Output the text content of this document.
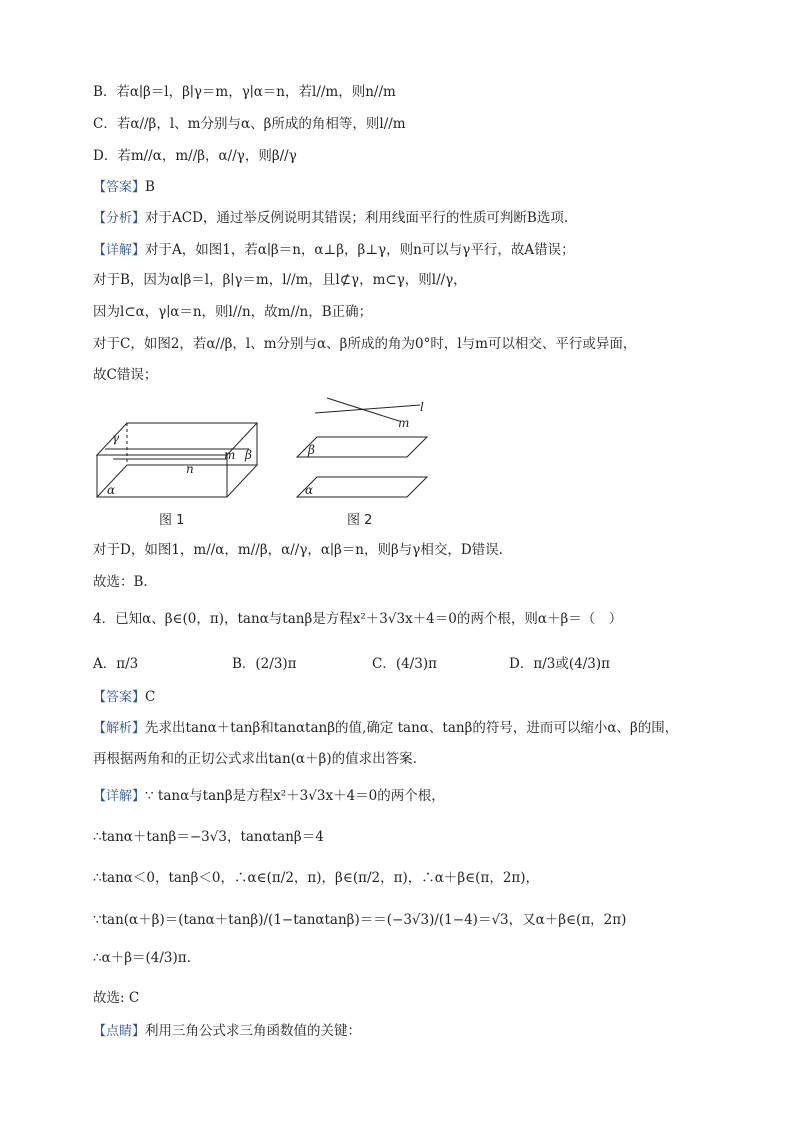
B．若α∣β＝l，β∣γ＝m，γ∣α＝n，若l//m，则n//m
C．若α//β，l、m分别与α、β所成的角相等，则l//m
D．若m//α，m//β，α//γ，则β//γ
【答案】B
【分析】对于ACD，通过举反例说明其错误；利用线面平行的性质可判断B选项.
【详解】对于A，如图1，若α∣β＝n，α⊥β，β⊥γ，则n可以与γ平行，故A错误；
对于B，因为α∣β＝l，β∣γ＝m，l//m，且l⊄γ，m⊂γ，则l//γ，
因为l⊂α，γ∣α＝n，则l//n，故m//n，B正确；
对于C，如图2，若α//β，l、m分别与α、β所成的角为0°时，l与m可以相交、平行或异面，
故C错误；
γ
m β
n
α
l
m
β
α
图 1	图 2
对于D，如图1，m//α，m//β，α//γ，α∣β＝n，则β与γ相交，D错误.
故选：B.
4．已知α、β∈(0，π)，tanα与tanβ是方程x²＋3√3x＋4＝0的两个根，则α＋β＝（　）
A．π/3	B．(2/3)π	C．(4/3)π	D．π/3或(4/3)π
【答案】C
【解析】先求出tanα＋tanβ和tanαtanβ的值,确定 tanα、tanβ的符号，进而可以缩小α、β的围，
再根据两角和的正切公式求出tan(α＋β)的值求出答案.
【详解】∵ tanα与tanβ是方程x²＋3√3x＋4＝0的两个根，
∴tanα＋tanβ＝−3√3，tanαtanβ＝4
∴tanα＜0，tanβ＜0，∴α∈(π/2，π)，β∈(π/2，π)，∴α＋β∈(π，2π)，
∵tan(α＋β)＝(tanα＋tanβ)/(1−tanαtanβ)＝＝(−3√3)/(1−4)＝√3，又α＋β∈(π，2π)
∴α＋β＝(4/3)π.
故选: C
【点睛】利用三角公式求三角函数值的关键：
